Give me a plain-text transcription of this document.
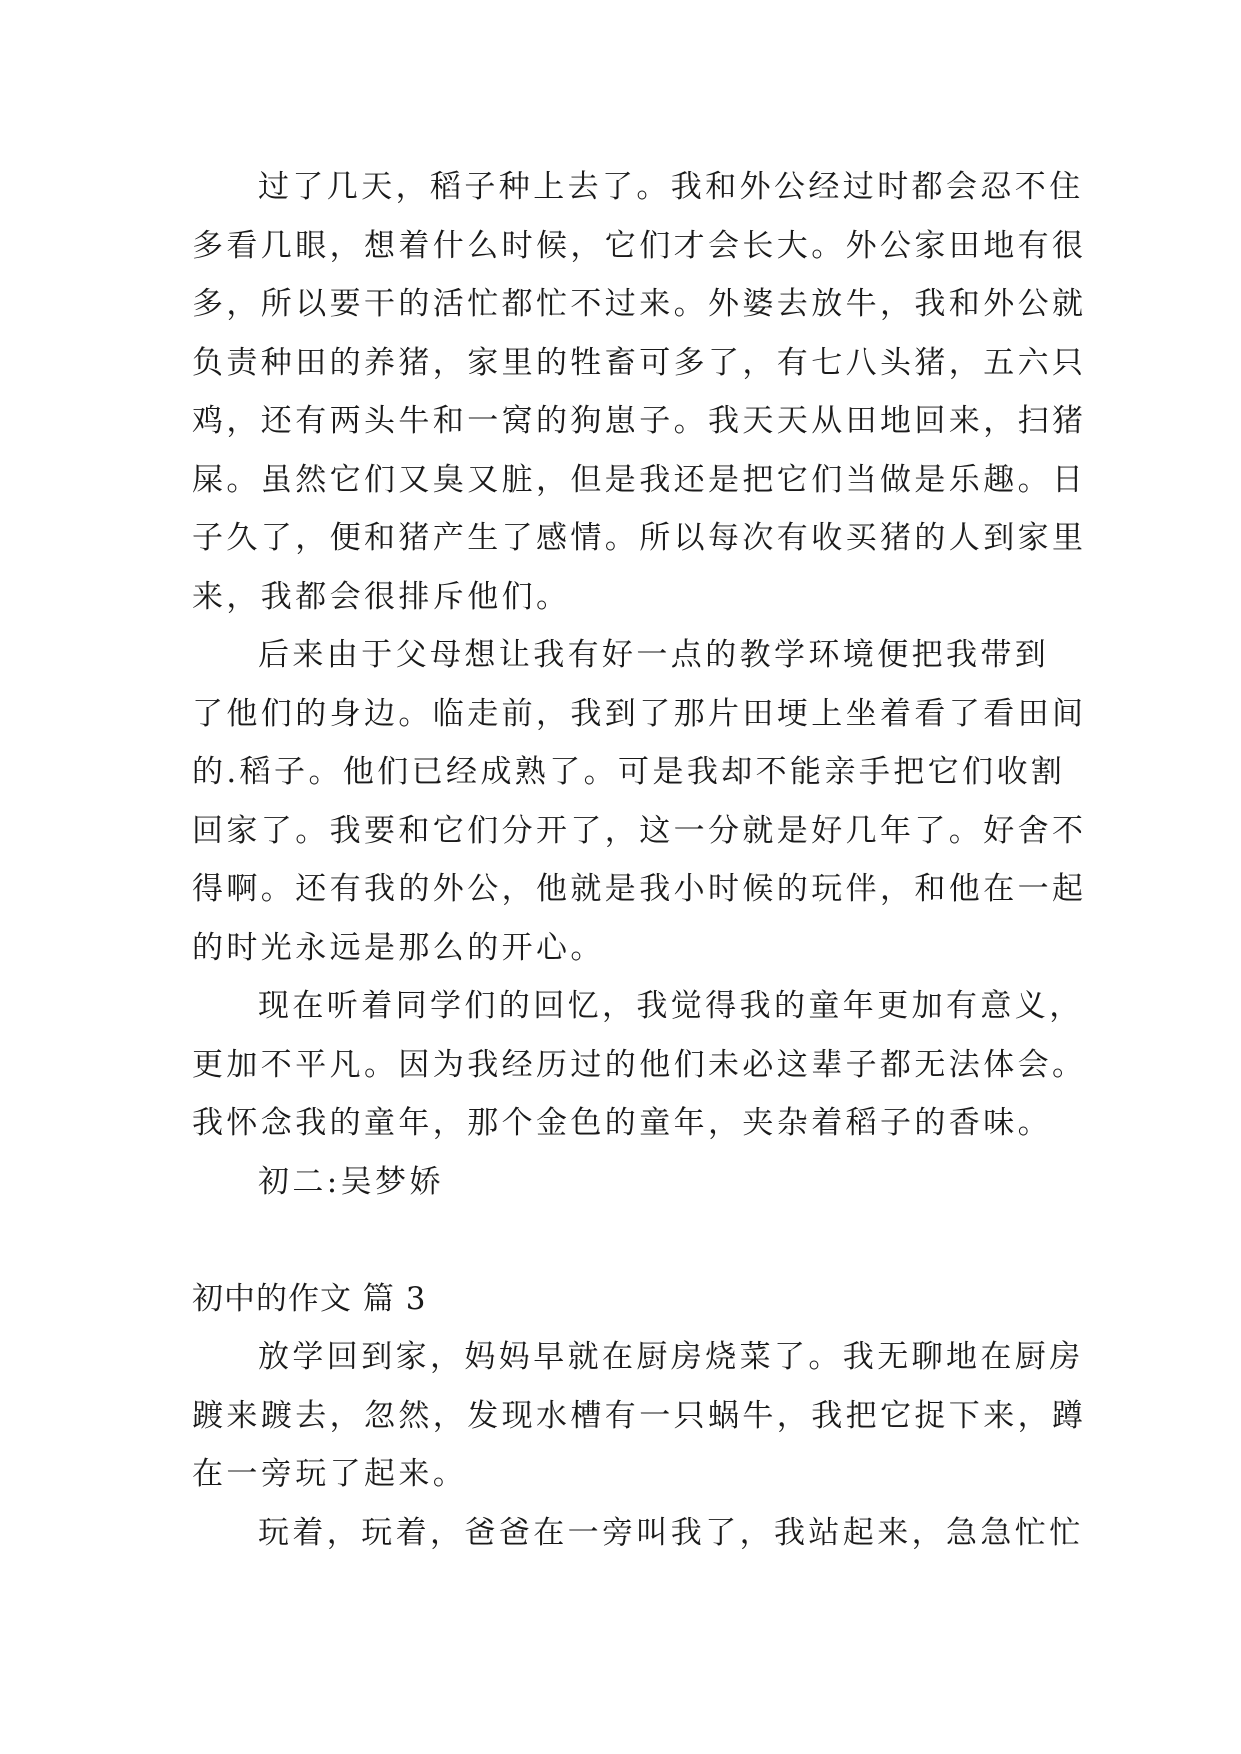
过了几天，稻子种上去了。我和外公经过时都会忍不住
多看几眼，想着什么时候，它们才会长大。外公家田地有很
多，所以要干的活忙都忙不过来。外婆去放牛，我和外公就
负责种田的养猪，家里的牲畜可多了，有七八头猪，五六只
鸡，还有两头牛和一窝的狗崽子。我天天从田地回来，扫猪
屎。虽然它们又臭又脏，但是我还是把它们当做是乐趣。日
子久了，便和猪产生了感情。所以每次有收买猪的人到家里
来，我都会很排斥他们。
后来由于父母想让我有好一点的教学环境便把我带到
了他们的身边。临走前，我到了那片田埂上坐着看了看田间
的.稻子。他们已经成熟了。可是我却不能亲手把它们收割
回家了。我要和它们分开了，这一分就是好几年了。好舍不
得啊。还有我的外公，他就是我小时候的玩伴，和他在一起
的时光永远是那么的开心。
现在听着同学们的回忆，我觉得我的童年更加有意义，
更加不平凡。因为我经历过的他们未必这辈子都无法体会。
我怀念我的童年，那个金色的童年，夹杂着稻子的香味。
初二:吴梦娇
初中的作文 篇 3
放学回到家，妈妈早就在厨房烧菜了。我无聊地在厨房
踱来踱去，忽然，发现水槽有一只蜗牛，我把它捉下来，蹲
在一旁玩了起来。
玩着，玩着，爸爸在一旁叫我了，我站起来，急急忙忙
